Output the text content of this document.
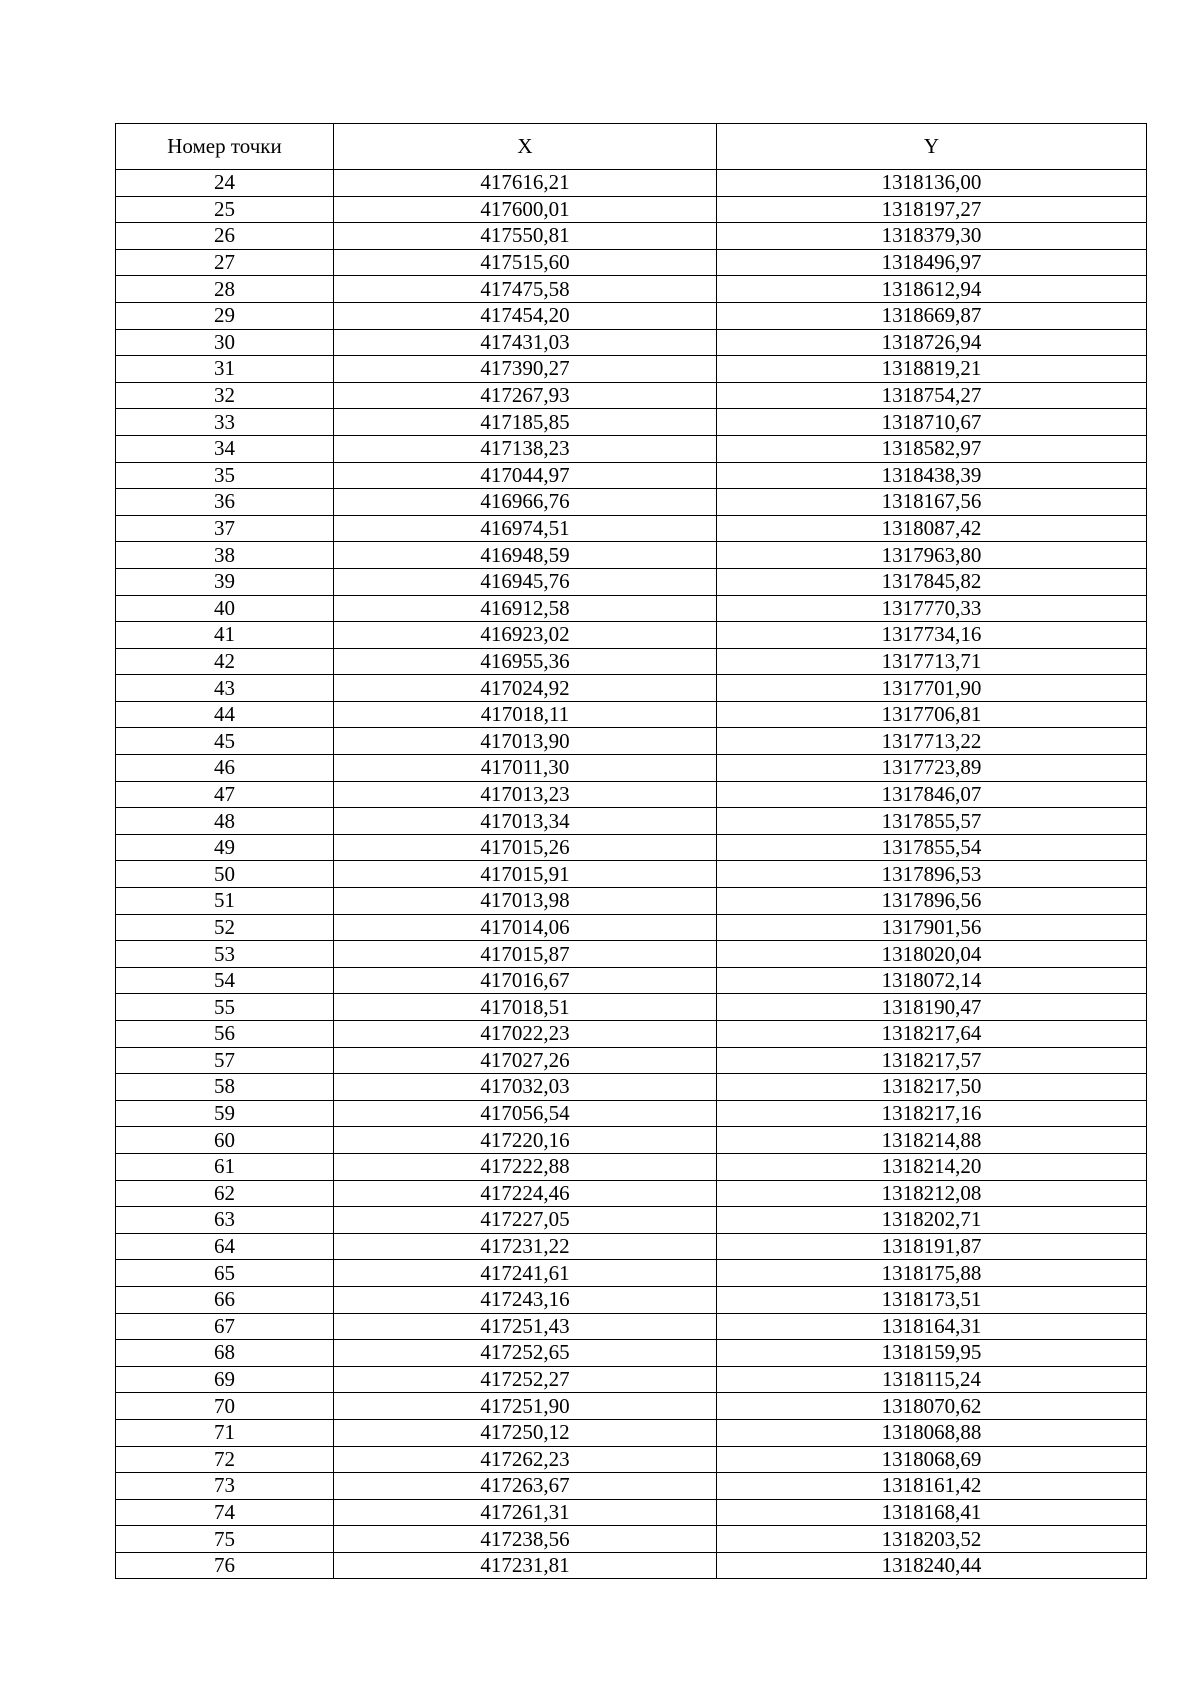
Номер точки	X	Y
24	417616,21	1318136,00
25	417600,01	1318197,27
26	417550,81	1318379,30
27	417515,60	1318496,97
28	417475,58	1318612,94
29	417454,20	1318669,87
30	417431,03	1318726,94
31	417390,27	1318819,21
32	417267,93	1318754,27
33	417185,85	1318710,67
34	417138,23	1318582,97
35	417044,97	1318438,39
36	416966,76	1318167,56
37	416974,51	1318087,42
38	416948,59	1317963,80
39	416945,76	1317845,82
40	416912,58	1317770,33
41	416923,02	1317734,16
42	416955,36	1317713,71
43	417024,92	1317701,90
44	417018,11	1317706,81
45	417013,90	1317713,22
46	417011,30	1317723,89
47	417013,23	1317846,07
48	417013,34	1317855,57
49	417015,26	1317855,54
50	417015,91	1317896,53
51	417013,98	1317896,56
52	417014,06	1317901,56
53	417015,87	1318020,04
54	417016,67	1318072,14
55	417018,51	1318190,47
56	417022,23	1318217,64
57	417027,26	1318217,57
58	417032,03	1318217,50
59	417056,54	1318217,16
60	417220,16	1318214,88
61	417222,88	1318214,20
62	417224,46	1318212,08
63	417227,05	1318202,71
64	417231,22	1318191,87
65	417241,61	1318175,88
66	417243,16	1318173,51
67	417251,43	1318164,31
68	417252,65	1318159,95
69	417252,27	1318115,24
70	417251,90	1318070,62
71	417250,12	1318068,88
72	417262,23	1318068,69
73	417263,67	1318161,42
74	417261,31	1318168,41
75	417238,56	1318203,52
76	417231,81	1318240,44
